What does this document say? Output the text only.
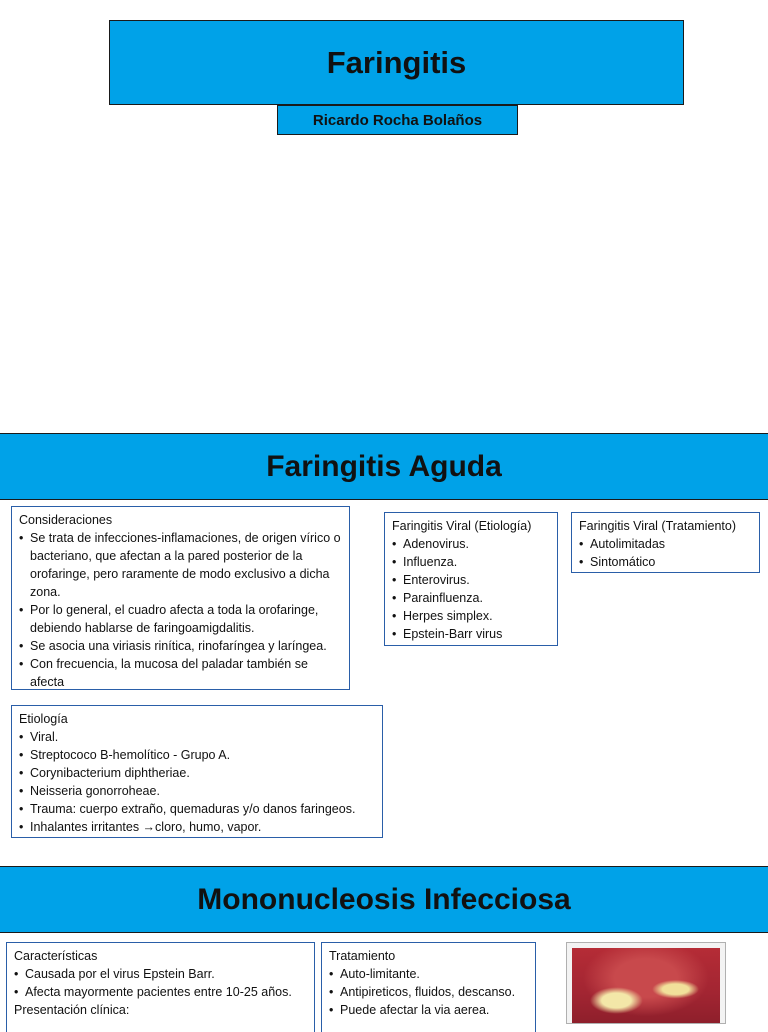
Faringitis
Ricardo Rocha Bolaños
Faringitis Aguda
Consideraciones
• Se trata de infecciones-inflamaciones, de origen vírico o bacteriano, que afectan a la pared posterior de la orofaringe, pero raramente de modo exclusivo a dicha zona.
• Por lo general, el cuadro afecta a toda la orofaringe, debiendo hablarse de faringoamigdalitis.
• Se asocia una viriasis rinítica, rinofaríngea y laríngea.
• Con frecuencia, la mucosa del paladar también se afecta
Etiología
• Viral.
• Streptococo B-hemolítico - Grupo A.
• Corynibacterium diphtheriae.
• Neisseria gonorroheae.
• Trauma: cuerpo extraño, quemaduras y/o danos faringeos.
• Inhalantes irritantes →cloro, humo, vapor.
Faringitis Viral (Etiología)
• Adenovirus.
• Influenza.
• Enterovirus.
• Parainfluenza.
• Herpes simplex.
• Epstein-Barr virus
Faringitis Viral (Tratamiento)
• Autolimitadas
• Sintomático
Mononucleosis Infecciosa
Características
• Causada por el virus Epstein Barr.
• Afecta mayormente pacientes entre 10-25 años.
Presentación clínica:
Tratamiento
• Auto-limitante.
• Antipireticos, fluidos, descanso.
• Puede afectar la via aerea.
